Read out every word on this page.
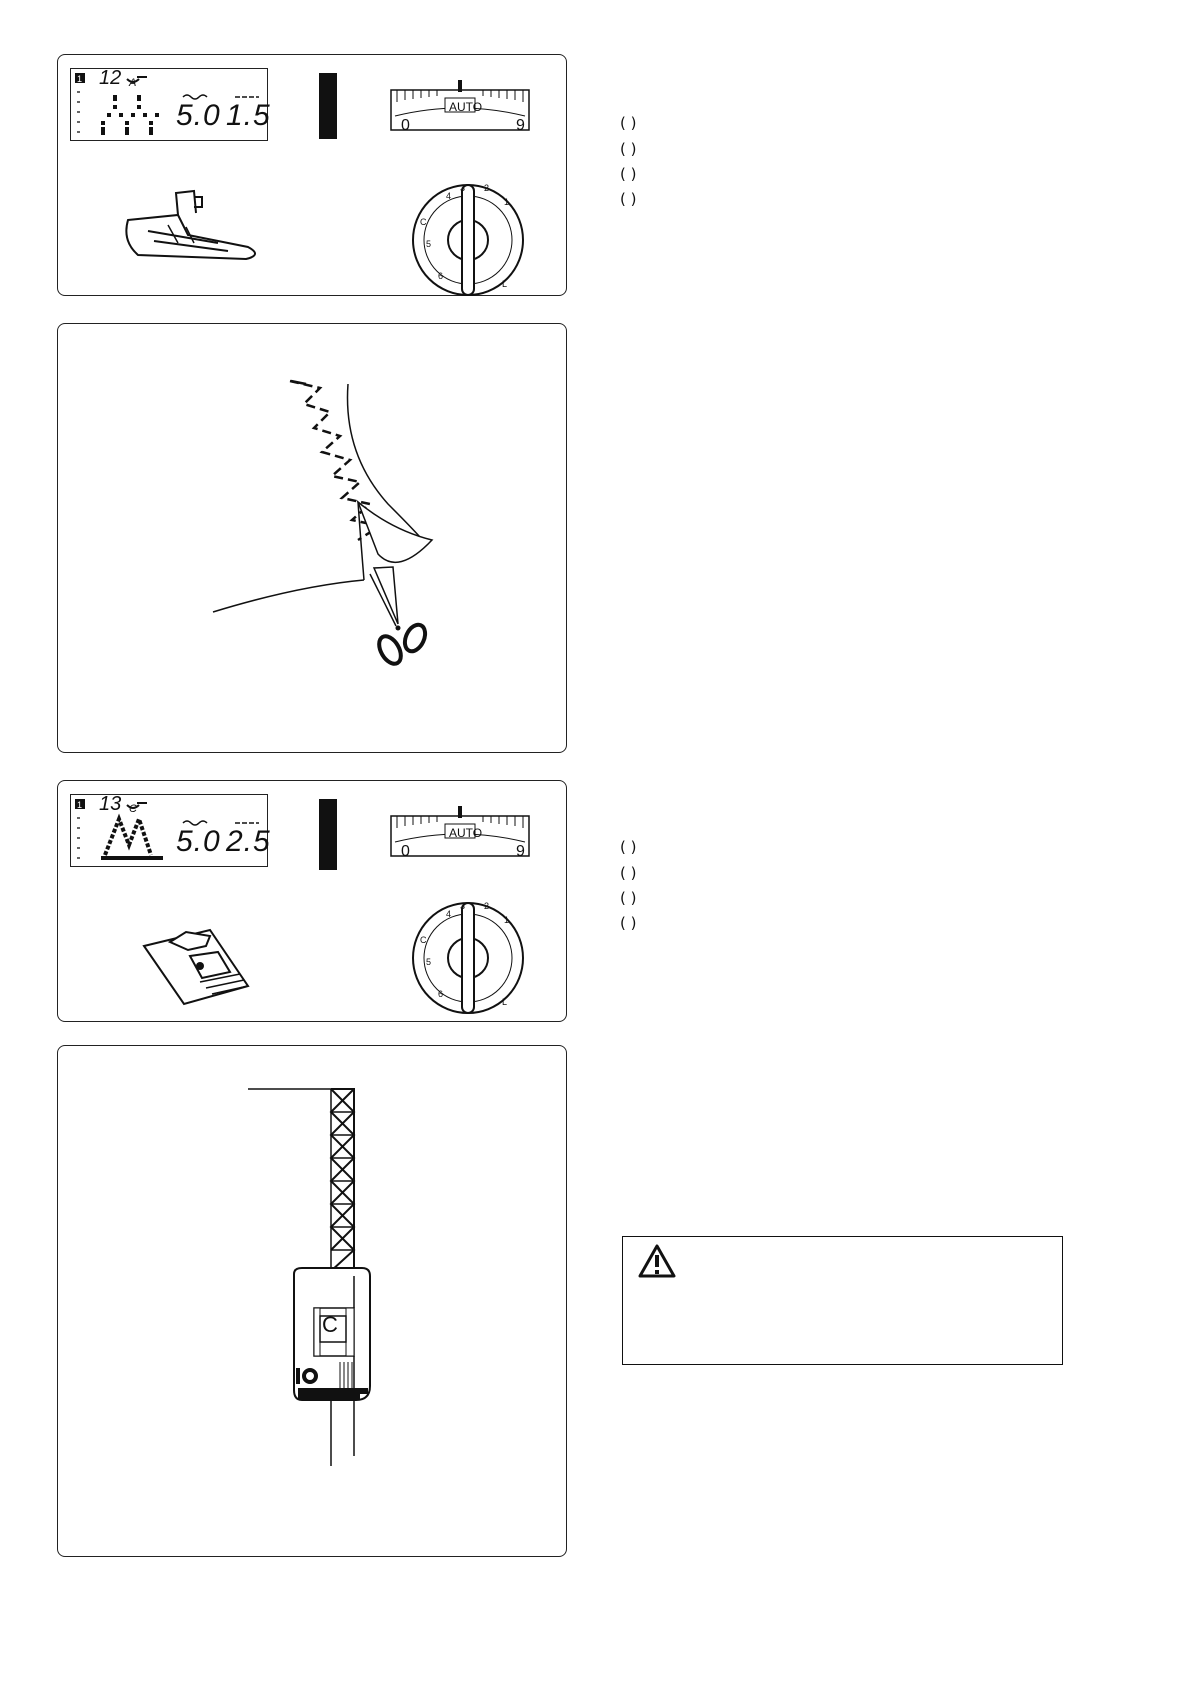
1 12 A
5.0 1.5	AUTO
0	9
4
3 2
1
C
5
6
L
1 13 C
5.0 2.5	AUTO
0	9
4
3 2
1
C
5
6
L
C
( )
( )
( )
( )
( )
( )
( )
( )
